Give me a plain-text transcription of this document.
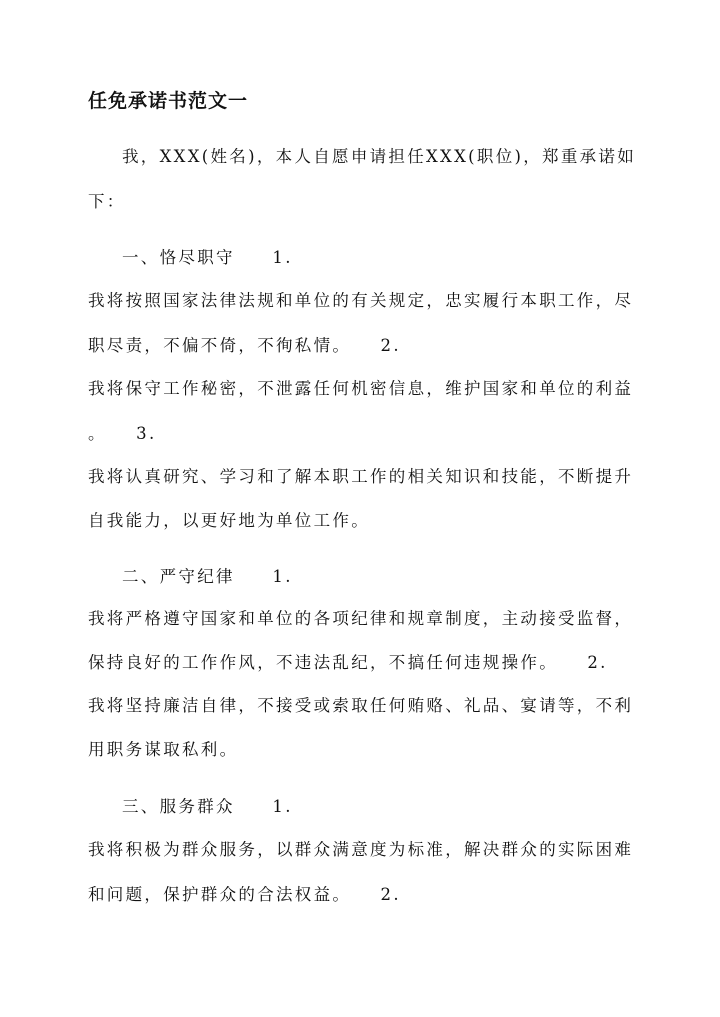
任免承诺书范文一
我，XXX(姓名)，本人自愿申请担任XXX(职位)，郑重承诺如
下：
一、恪尽职守　　1.
我将按照国家法律法规和单位的有关规定，忠实履行本职工作，尽
职尽责，不偏不倚，不徇私情。　　2.
我将保守工作秘密，不泄露任何机密信息，维护国家和单位的利益
。　　3.
我将认真研究、学习和了解本职工作的相关知识和技能，不断提升
自我能力，以更好地为单位工作。
二、严守纪律　　1.
我将严格遵守国家和单位的各项纪律和规章制度，主动接受监督，
保持良好的工作作风，不违法乱纪，不搞任何违规操作。　　2.
我将坚持廉洁自律，不接受或索取任何贿赂、礼品、宴请等，不利
用职务谋取私利。
三、服务群众　　1.
我将积极为群众服务，以群众满意度为标准，解决群众的实际困难
和问题，保护群众的合法权益。　　2.
